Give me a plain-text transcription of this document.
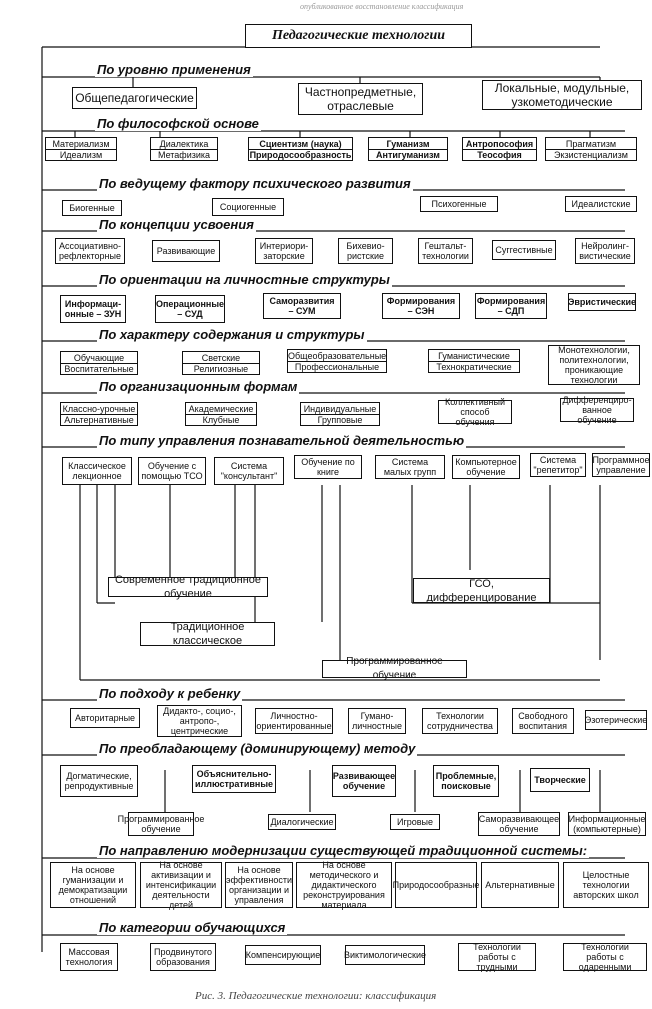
опубликованное восстановление классификация
Педагогические технологии
По уровню применения
По философской основе
По ведущему фактору психического развития
По концепции усвоения
По ориентации на личностные структуры
По характеру содержания и структуры
По организационным формам
По типу управления познавательной деятельностью
По подходу к ребенку
По преобладающему (доминирующему) методу
По направлению модернизации существующей традиционной системы:
По категории обучающихся
Общепедагогические	Частнопредметные, отраслевые
Локальные, модульные, узкометодические
Материализм
Идеализм
Диалектика
Метафизика
Сциентизм (наука)
Природосообразность
Гуманизм
Антигуманизм
Антропософия
Теософия
Прагматизм
Экзистенциализм
Биогенные	Социогенные	Психогенные	Идеалистские
Ассоциативно-рефлекторные	Развивающие	Интериори-заторские
Бихевио-ристские
Гештальт-технологии
Суггестивные	Нейролинг-вистические
Информаци-онные – ЗУН
Операционные – СУД
Саморазвития – СУМ
Формирования – СЭН
Формирования – СДП
Эвристические
Обучающие
Воспитательные
Светские
Религиозные
Общеобразовательные
Профессиональные
Гуманистические
Технократические
Монотехнологии, политехнологии, проникающие технологии
Классно-урочные
Альтернативные
Академические
Клубные
Индивидуальные
Групповые
Коллективный способ обучения
Дифференциро-ванное обучение
Классическое лекционное
Обучение с помощью ТСО
Система "консультант"
Обучение по книге
Система малых групп
Компьютерное обучение
Система "репетитор"
Программное управление
Современное традиционное обучение
ГСО, дифференцирование
Традиционное классическое
Программированное обучение
Авторитарные
Дидакто-, социо-, антропо-, центрические
Личностно-ориентированные
Гумано-личностные
Технологии сотрудничества
Свободного воспитания
Эзотерические
Догматические, репродуктивные
Объяснительно-иллюстративные
Развивающее обучение
Проблемные, поисковые
Творческие
Программированное обучение
Диалогические	Игровые	Саморазвивающее обучение
Информационные (компьютерные)
На основе гуманизации и демократизации отношений
На основе активизации и интенсификации деятельности детей
На основе эффективности организации и управления
На основе методического и дидактического реконструирования материала
Природосообразные Альтернативные
Целостные технологии авторских школ
Массовая технология
Продвинутого образования
Компенсирующие	Виктимологические
Технологии работы с трудными
Технологии работы с одаренными
Рис. 3. Педагогические технологии: классификация
